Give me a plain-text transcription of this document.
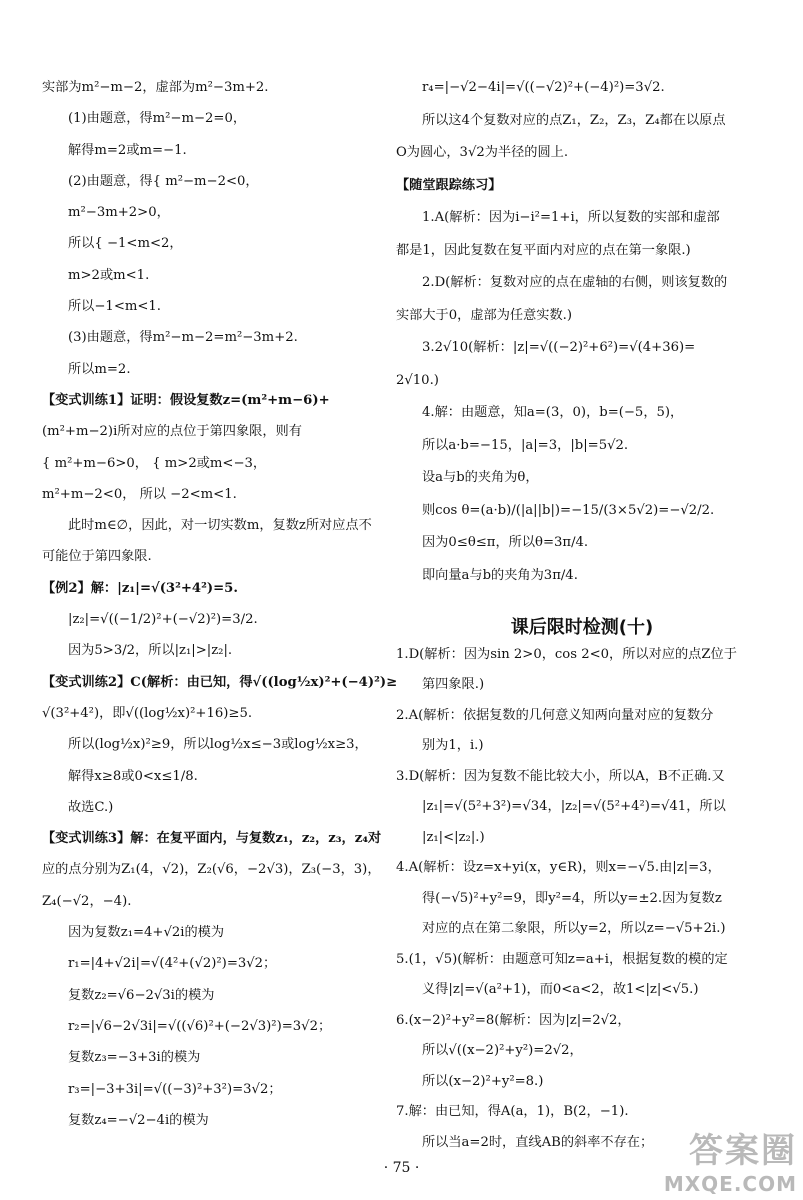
实部为m²−m−2，虚部为m²−3m+2.
(1)由题意，得m²−m−2=0，
解得m=2或m=−1.
(2)由题意，得{ m²−m−2<0，
m²−3m+2>0，
所以{ −1<m<2，
m>2或m<1.
所以−1<m<1.
(3)由题意，得m²−m−2=m²−3m+2.
所以m=2.
【变式训练1】证明：假设复数z=(m²+m−6)+
(m²+m−2)i所对应的点位于第四象限，则有
{ m²+m−6>0， { m>2或m<−3，
m²+m−2<0， 所以 −2<m<1.
此时m∈∅，因此，对一切实数m，复数z所对应点不
可能位于第四象限.
【例2】解：|z₁|=√(3²+4²)=5.
|z₂|=√((−1/2)²+(−√2)²)=3/2.
因为5>3/2，所以|z₁|>|z₂|.
【变式训练2】C(解析：由已知，得√((log½x)²+(−4)²)≥
√(3²+4²)，即√((log½x)²+16)≥5.
所以(log½x)²≥9，所以log½x≤−3或log½x≥3，
解得x≥8或0<x≤1/8.
故选C.)
【变式训练3】解：在复平面内，与复数z₁，z₂，z₃，z₄对
应的点分别为Z₁(4，√2)，Z₂(√6，−2√3)，Z₃(−3，3)，
Z₄(−√2，−4).
因为复数z₁=4+√2i的模为
r₁=|4+√2i|=√(4²+(√2)²)=3√2；
复数z₂=√6−2√3i的模为
r₂=|√6−2√3i|=√((√6)²+(−2√3)²)=3√2；
复数z₃=−3+3i的模为
r₃=|−3+3i|=√((−3)²+3²)=3√2；
复数z₄=−√2−4i的模为
r₄=|−√2−4i|=√((−√2)²+(−4)²)=3√2.
所以这4个复数对应的点Z₁，Z₂，Z₃，Z₄都在以原点
O为圆心，3√2为半径的圆上.
【随堂跟踪练习】
1.A(解析：因为i−i²=1+i，所以复数的实部和虚部
都是1，因此复数在复平面内对应的点在第一象限.)
2.D(解析：复数对应的点在虚轴的右侧，则该复数的
实部大于0，虚部为任意实数.)
3.2√10(解析：|z|=√((−2)²+6²)=√(4+36)=
2√10.)
4.解：由题意，知a=(3，0)，b=(−5，5)，
所以a·b=−15，|a|=3，|b|=5√2.
设a与b的夹角为θ，
则cos θ=(a·b)/(|a||b|)=−15/(3×5√2)=−√2/2.
因为0≤θ≤π，所以θ=3π/4.
即向量a与b的夹角为3π/4.
课后限时检测(十)
1.D(解析：因为sin 2>0，cos 2<0，所以对应的点Z位于
第四象限.)
2.A(解析：依据复数的几何意义知两向量对应的复数分
别为1，i.)
3.D(解析：因为复数不能比较大小，所以A，B不正确.又
|z₁|=√(5²+3²)=√34，|z₂|=√(5²+4²)=√41，所以
|z₁|<|z₂|.)
4.A(解析：设z=x+yi(x，y∈R)，则x=−√5.由|z|=3，
得(−√5)²+y²=9，即y²=4，所以y=±2.因为复数z
对应的点在第二象限，所以y=2，所以z=−√5+2i.)
5.(1，√5)(解析：由题意可知z=a+i，根据复数的模的定
义得|z|=√(a²+1)，而0<a<2，故1<|z|<√5.)
6.(x−2)²+y²=8(解析：因为|z|=2√2，
所以√((x−2)²+y²)=2√2，
所以(x−2)²+y²=8.)
7.解：由已知，得A(a，1)，B(2，−1).
所以当a=2时，直线AB的斜率不存在；
· 75 ·	答案圈
MXQE.COM
